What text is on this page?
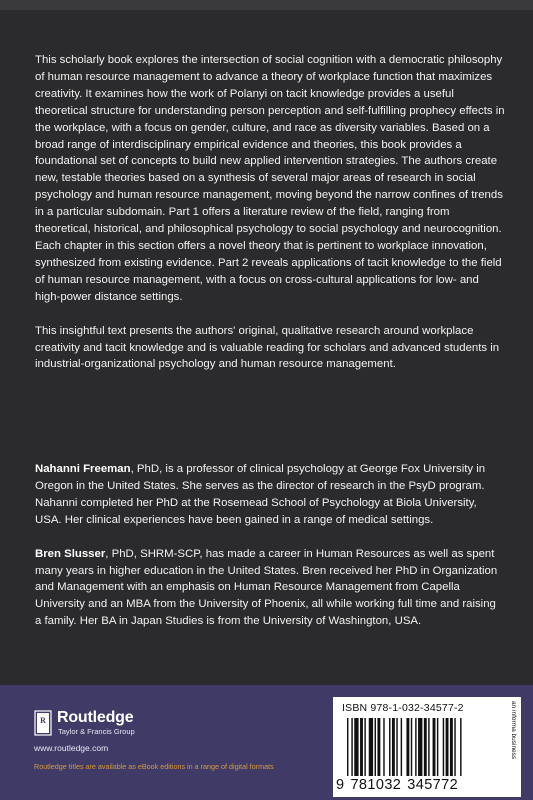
This scholarly book explores the intersection of social cognition with a democratic philosophy of human resource management to advance a theory of workplace function that maximizes creativity. It examines how the work of Polanyi on tacit knowledge provides a useful theoretical structure for understanding person perception and self-fulfilling prophecy effects in the workplace, with a focus on gender, culture, and race as diversity variables. Based on a broad range of interdisciplinary empirical evidence and theories, this book provides a foundational set of concepts to build new applied intervention strategies. The authors create new, testable theories based on a synthesis of several major areas of research in social psychology and human resource management, moving beyond the narrow confines of trends in a particular subdomain. Part 1 offers a literature review of the field, ranging from theoretical, historical, and philosophical psychology to social psychology and neurocognition. Each chapter in this section offers a novel theory that is pertinent to workplace innovation, synthesized from existing evidence. Part 2 reveals applications of tacit knowledge to the field of human resource management, with a focus on cross-cultural applications for low- and high-power distance settings.

This insightful text presents the authors' original, qualitative research around workplace creativity and tacit knowledge and is valuable reading for scholars and advanced students in industrial-organizational psychology and human resource management.

Nahanni Freeman, PhD, is a professor of clinical psychology at George Fox University in Oregon in the United States. She serves as the director of research in the PsyD program. Nahanni completed her PhD at the Rosemead School of Psychology at Biola University, USA. Her clinical experiences have been gained in a range of medical settings.

Bren Slusser, PhD, SHRM-SCP, has made a career in Human Resources as well as spent many years in higher education in the United States. Bren received her PhD in Organization and Management with an emphasis on Human Resource Management from Capella University and an MBA from the University of Phoenix, all while working full time and raising a family. Her BA in Japan Studies is from the University of Washington, USA.

R Routledge
Taylor & Francis Group
www.routledge.com
Routledge titles are available as eBook editions in a range of digital formats
ISBN 978-1-032-34577-2
9 781032 345772
an informa business
